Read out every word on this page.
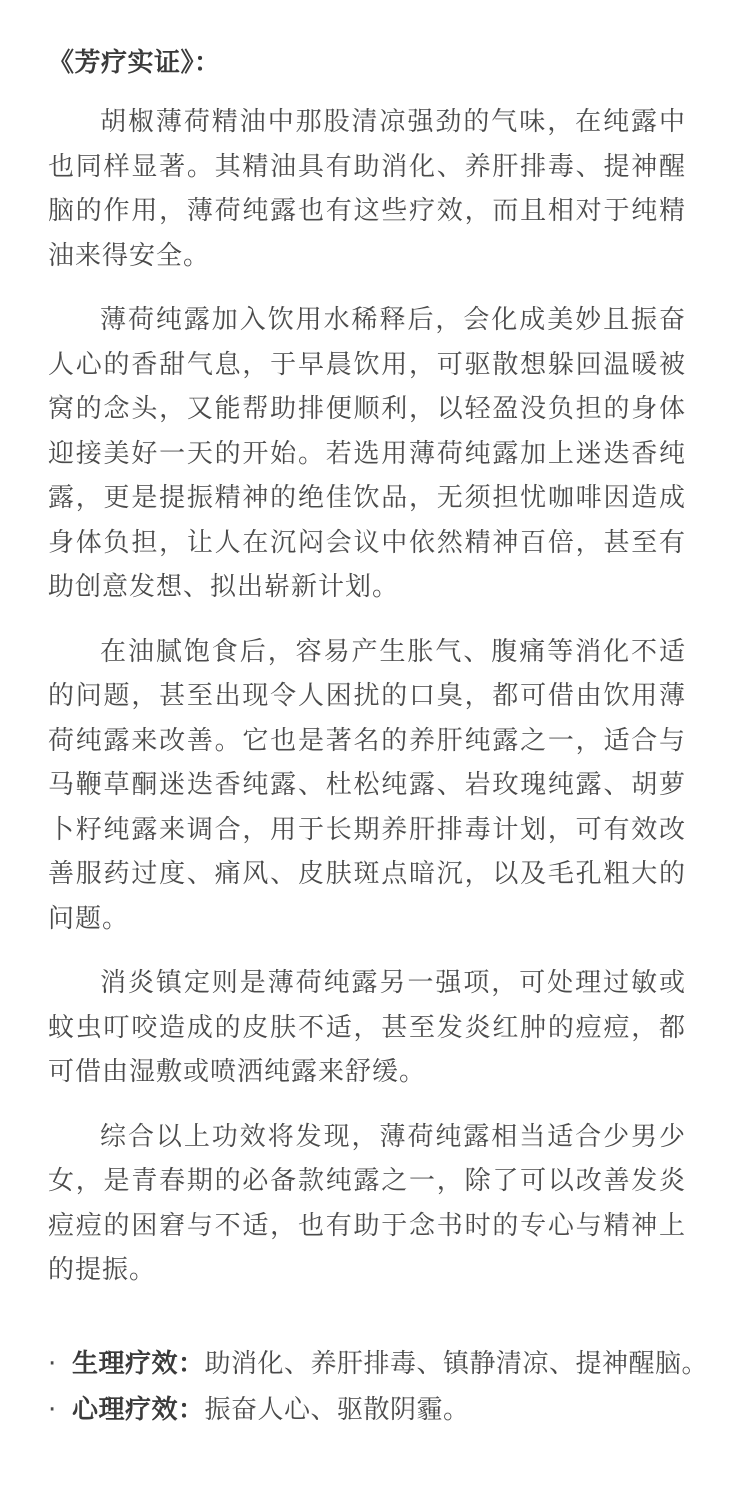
《芳疗实证》：

胡椒薄荷精油中那股清凉强劲的气味，在纯露中也同样显著。其精油具有助消化、养肝排毒、提神醒脑的作用，薄荷纯露也有这些疗效，而且相对于纯精油来得安全。

薄荷纯露加入饮用水稀释后，会化成美妙且振奋人心的香甜气息，于早晨饮用，可驱散想躲回温暖被窝的念头，又能帮助排便顺利，以轻盈没负担的身体迎接美好一天的开始。若选用薄荷纯露加上迷迭香纯露，更是提振精神的绝佳饮品，无须担忧咖啡因造成身体负担，让人在沉闷会议中依然精神百倍，甚至有助创意发想、拟出崭新计划。

在油腻饱食后，容易产生胀气、腹痛等消化不适的问题，甚至出现令人困扰的口臭，都可借由饮用薄荷纯露来改善。它也是著名的养肝纯露之一，适合与马鞭草酮迷迭香纯露、杜松纯露、岩玫瑰纯露、胡萝卜籽纯露来调合，用于长期养肝排毒计划，可有效改善服药过度、痛风、皮肤斑点暗沉，以及毛孔粗大的问题。

消炎镇定则是薄荷纯露另一强项，可处理过敏或蚊虫叮咬造成的皮肤不适，甚至发炎红肿的痘痘，都可借由湿敷或喷洒纯露来舒缓。

综合以上功效将发现，薄荷纯露相当适合少男少女，是青春期的必备款纯露之一，除了可以改善发炎痘痘的困窘与不适，也有助于念书时的专心与精神上的提振。

· 生理疗效：助消化、养肝排毒、镇静清凉、提神醒脑。
· 心理疗效：振奋人心、驱散阴霾。
